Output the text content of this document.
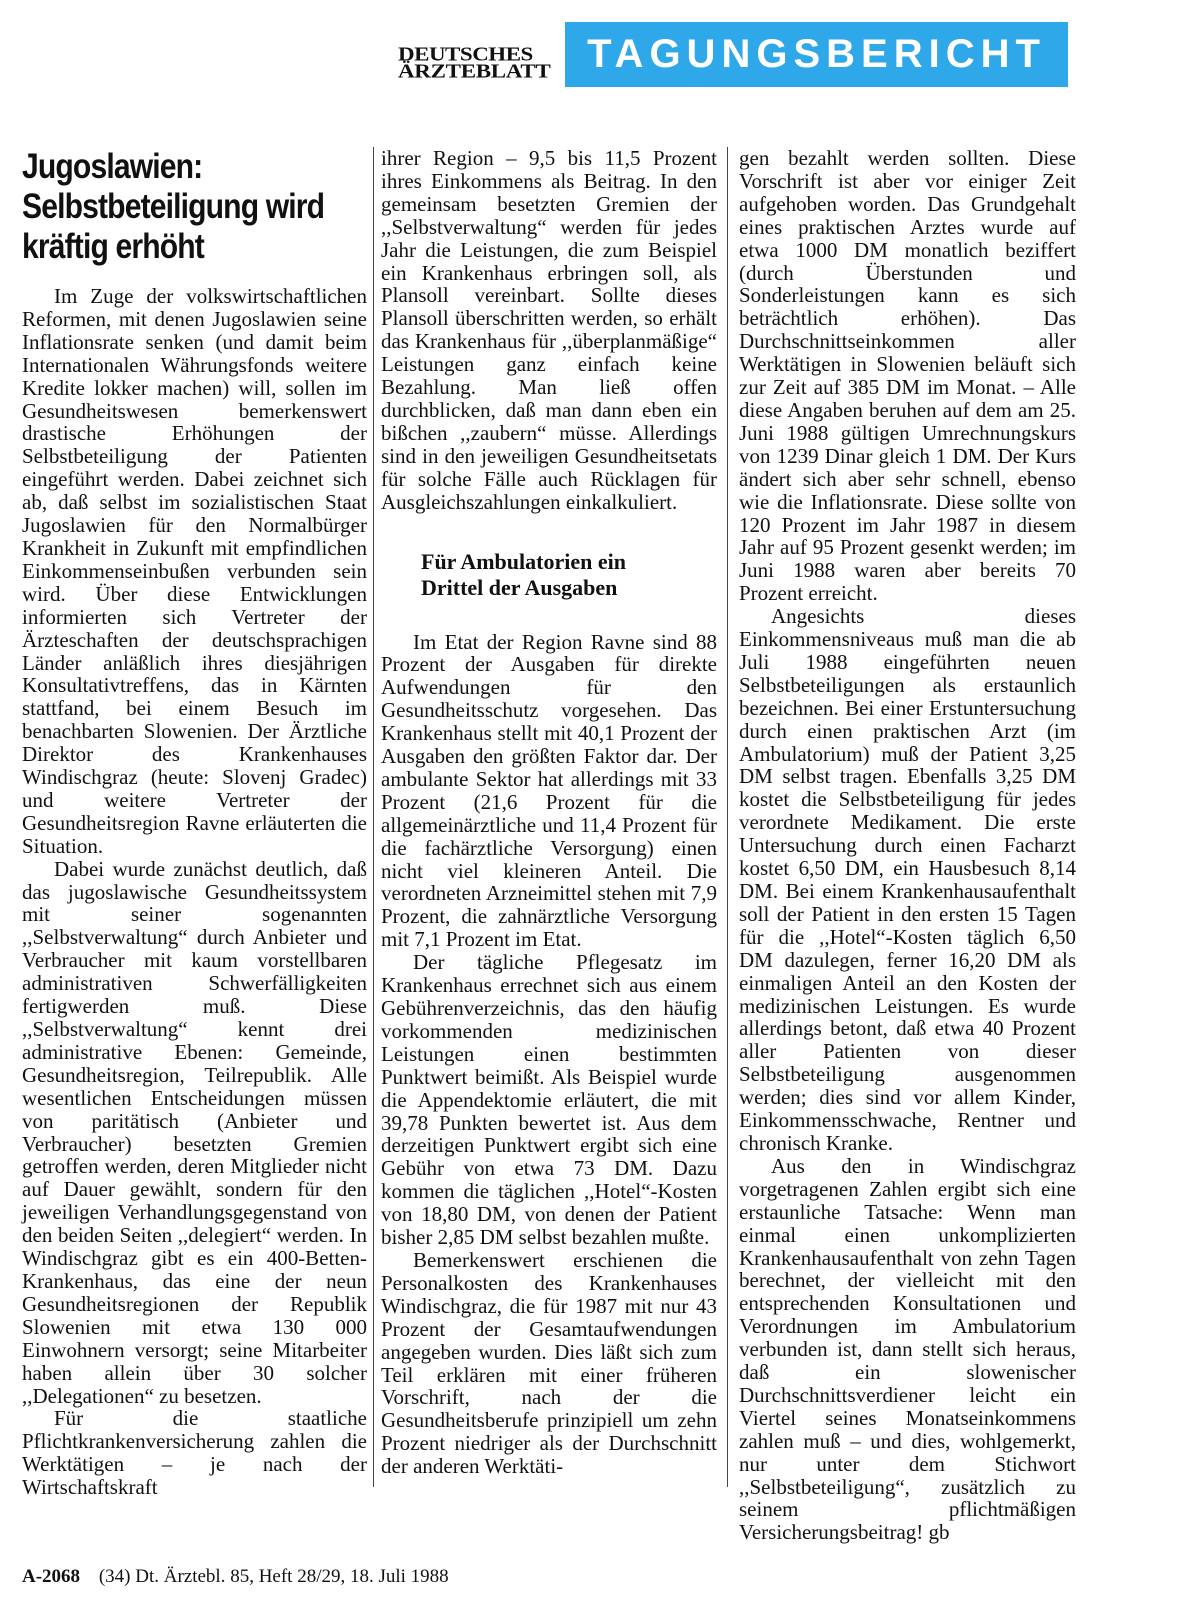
DEUTSCHES
ÄRZTEBLATT TAGUNGSBERICHT
Jugoslawien:
Selbstbeteiligung wird
kräftig erhöht

Im Zuge der volkswirtschaftlichen Reformen, mit denen Jugoslawien seine Inflationsrate senken (und damit beim Internationalen Währungsfonds weitere Kredite lokker machen) will, sollen im Gesundheitswesen bemerkenswert drastische Erhöhungen der Selbstbeteiligung der Patienten eingeführt werden. Dabei zeichnet sich ab, daß selbst im sozialistischen Staat Jugoslawien für den Normalbürger Krankheit in Zukunft mit empfindlichen Einkommenseinbußen verbunden sein wird. Über diese Entwicklungen informierten sich Vertreter der Ärzteschaften der deutschsprachigen Länder anläßlich ihres diesjährigen Konsultativtreffens, das in Kärnten stattfand, bei einem Besuch im benachbarten Slowenien. Der Ärztliche Direktor des Krankenhauses Windischgraz (heute: Slovenj Gradec) und weitere Vertreter der Gesundheitsregion Ravne erläuterten die Situation.

Dabei wurde zunächst deutlich, daß das jugoslawische Gesundheitssystem mit seiner sogenannten ,,Selbstverwaltung“ durch Anbieter und Verbraucher mit kaum vorstellbaren administrativen Schwerfälligkeiten fertigwerden muß. Diese ,,Selbstverwaltung“ kennt drei administrative Ebenen: Gemeinde, Gesundheitsregion, Teilrepublik. Alle wesentlichen Entscheidungen müssen von paritätisch (Anbieter und Verbraucher) besetzten Gremien getroffen werden, deren Mitglieder nicht auf Dauer gewählt, sondern für den jeweiligen Verhandlungsgegenstand von den beiden Seiten ,,delegiert“ werden. In Windischgraz gibt es ein 400-Betten-Krankenhaus, das eine der neun Gesundheitsregionen der Republik Slowenien mit etwa 130 000 Einwohnern versorgt; seine Mitarbeiter haben allein über 30 solcher ,,Delegationen“ zu besetzen.

Für die staatliche Pflichtkrankenversicherung zahlen die Werktätigen – je nach der Wirtschaftskraft

ihrer Region – 9,5 bis 11,5 Prozent ihres Einkommens als Beitrag. In den gemeinsam besetzten Gremien der ,,Selbstverwaltung“ werden für jedes Jahr die Leistungen, die zum Beispiel ein Krankenhaus erbringen soll, als Plansoll vereinbart. Sollte dieses Plansoll überschritten werden, so erhält das Krankenhaus für ,,überplanmäßige“ Leistungen ganz einfach keine Bezahlung. Man ließ offen durchblicken, daß man dann eben ein bißchen ,,zaubern“ müsse. Allerdings sind in den jeweiligen Gesundheitsetats für solche Fälle auch Rücklagen für Ausgleichszahlungen einkalkuliert.

Für Ambulatorien ein
Drittel der Ausgaben

Im Etat der Region Ravne sind 88 Prozent der Ausgaben für direkte Aufwendungen für den Gesundheitsschutz vorgesehen. Das Krankenhaus stellt mit 40,1 Prozent der Ausgaben den größten Faktor dar. Der ambulante Sektor hat allerdings mit 33 Prozent (21,6 Prozent für die allgemeinärztliche und 11,4 Prozent für die fachärztliche Versorgung) einen nicht viel kleineren Anteil. Die verordneten Arzneimittel stehen mit 7,9 Prozent, die zahnärztliche Versorgung mit 7,1 Prozent im Etat.

Der tägliche Pflegesatz im Krankenhaus errechnet sich aus einem Gebührenverzeichnis, das den häufig vorkommenden medizinischen Leistungen einen bestimmten Punktwert beimißt. Als Beispiel wurde die Appendektomie erläutert, die mit 39,78 Punkten bewertet ist. Aus dem derzeitigen Punktwert ergibt sich eine Gebühr von etwa 73 DM. Dazu kommen die täglichen ,,Hotel“-Kosten von 18,80 DM, von denen der Patient bisher 2,85 DM selbst bezahlen mußte.

Bemerkenswert erschienen die Personalkosten des Krankenhauses Windischgraz, die für 1987 mit nur 43 Prozent der Gesamtaufwendungen angegeben wurden. Dies läßt sich zum Teil erklären mit einer früheren Vorschrift, nach der die Gesundheitsberufe prinzipiell um zehn Prozent niedriger als der Durchschnitt der anderen Werktäti-

gen bezahlt werden sollten. Diese Vorschrift ist aber vor einiger Zeit aufgehoben worden. Das Grundgehalt eines praktischen Arztes wurde auf etwa 1000 DM monatlich beziffert (durch Überstunden und Sonderleistungen kann es sich beträchtlich erhöhen). Das Durchschnittseinkommen aller Werktätigen in Slowenien beläuft sich zur Zeit auf 385 DM im Monat. – Alle diese Angaben beruhen auf dem am 25. Juni 1988 gültigen Umrechnungskurs von 1239 Dinar gleich 1 DM. Der Kurs ändert sich aber sehr schnell, ebenso wie die Inflationsrate. Diese sollte von 120 Prozent im Jahr 1987 in diesem Jahr auf 95 Prozent gesenkt werden; im Juni 1988 waren aber bereits 70 Prozent erreicht.

Angesichts dieses Einkommensniveaus muß man die ab Juli 1988 eingeführten neuen Selbstbeteiligungen als erstaunlich bezeichnen. Bei einer Erstuntersuchung durch einen praktischen Arzt (im Ambulatorium) muß der Patient 3,25 DM selbst tragen. Ebenfalls 3,25 DM kostet die Selbstbeteiligung für jedes verordnete Medikament. Die erste Untersuchung durch einen Facharzt kostet 6,50 DM, ein Hausbesuch 8,14 DM. Bei einem Krankenhausaufenthalt soll der Patient in den ersten 15 Tagen für die ,,Hotel“-Kosten täglich 6,50 DM dazulegen, ferner 16,20 DM als einmaligen Anteil an den Kosten der medizinischen Leistungen. Es wurde allerdings betont, daß etwa 40 Prozent aller Patienten von dieser Selbstbeteiligung ausgenommen werden; dies sind vor allem Kinder, Einkommensschwache, Rentner und chronisch Kranke.

Aus den in Windischgraz vorgetragenen Zahlen ergibt sich eine erstaunliche Tatsache: Wenn man einmal einen unkomplizierten Krankenhausaufenthalt von zehn Tagen berechnet, der vielleicht mit den entsprechenden Konsultationen und Verordnungen im Ambulatorium verbunden ist, dann stellt sich heraus, daß ein slowenischer Durchschnittsverdiener leicht ein Viertel seines Monatseinkommens zahlen muß – und dies, wohlgemerkt, nur unter dem Stichwort ,,Selbstbeteiligung“, zusätzlich zu seinem pflichtmäßigen Versicherungsbeitrag! gb

A-2068 (34) Dt. Ärztebl. 85, Heft 28/29, 18. Juli 1988
